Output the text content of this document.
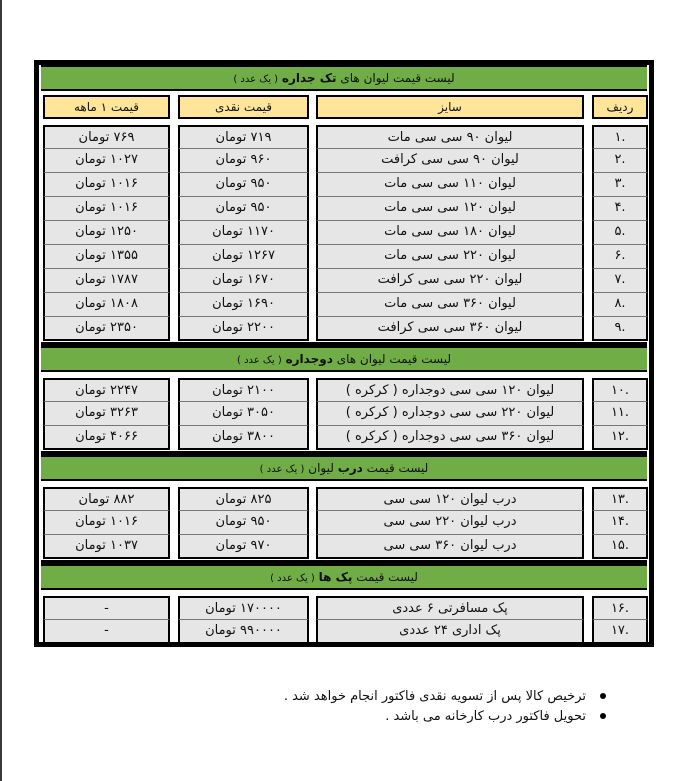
لیست قیمت لیوان های تک جداره ( یک عدد )
ردیف
سایز
قیمت نقدی
قیمت ۱ ماهه
.۱
لیوان ۹۰ سی سی مات
۷۱۹ تومان
۷۶۹ تومان
.۲
لیوان ۹۰ سی سی کرافت
۹۶۰ تومان
۱۰۲۷ تومان
.۳
لیوان ۱۱۰ سی سی مات
۹۵۰ تومان
۱۰۱۶ تومان
.۴
لیوان ۱۲۰ سی سی مات
۹۵۰ تومان
۱۰۱۶ تومان
.۵
لیوان ۱۸۰ سی سی مات
۱۱۷۰ تومان
۱۲۵۰ تومان
.۶
لیوان ۲۲۰ سی سی مات
۱۲۶۷ تومان
۱۳۵۵ تومان
.۷
لیوان ۲۲۰ سی سی کرافت
۱۶۷۰ تومان
۱۷۸۷ تومان
.۸
لیوان ۳۶۰ سی سی مات
۱۶۹۰ تومان
۱۸۰۸ تومان
.۹
لیوان ۳۶۰ سی سی کرافت
۲۲۰۰ تومان
۲۳۵۰ تومان
لیست قیمت لیوان های دوجداره ( یک عدد )
.۱۰
لیوان ۱۲۰ سی سی دوجداره ( کرکره )
۲۱۰۰ تومان
۲۲۴۷ تومان
.۱۱
لیوان ۲۲۰ سی سی دوجداره ( کرکره )
۳۰۵۰ تومان
۳۲۶۳ تومان
.۱۲
لیوان ۳۶۰ سی سی دوجداره ( کرکره )
۳۸۰۰ تومان
۴۰۶۶ تومان
لیست قیمت درب لیوان ( یک عدد )
.۱۳
درب لیوان ۱۲۰ سی سی
۸۲۵ تومان
۸۸۲ تومان
.۱۴
درب لیوان ۲۲۰ سی سی
۹۵۰ تومان
۱۰۱۶ تومان
.۱۵
درب لیوان ۳۶۰ سی سی
۹۷۰ تومان
۱۰۳۷ تومان
لیست قیمت پک ها ( یک عدد )
.۱۶
پک مسافرتی ۶ عددی
۱۷۰۰۰۰ تومان
-
.۱۷
پک اداری ۲۴ عددی
۹۹۰۰۰۰ تومان
-
ترخیص کالا پس از تسویه نقدی فاکتور انجام خواهد شد .
تحویل فاکتور درب کارخانه می باشد .
